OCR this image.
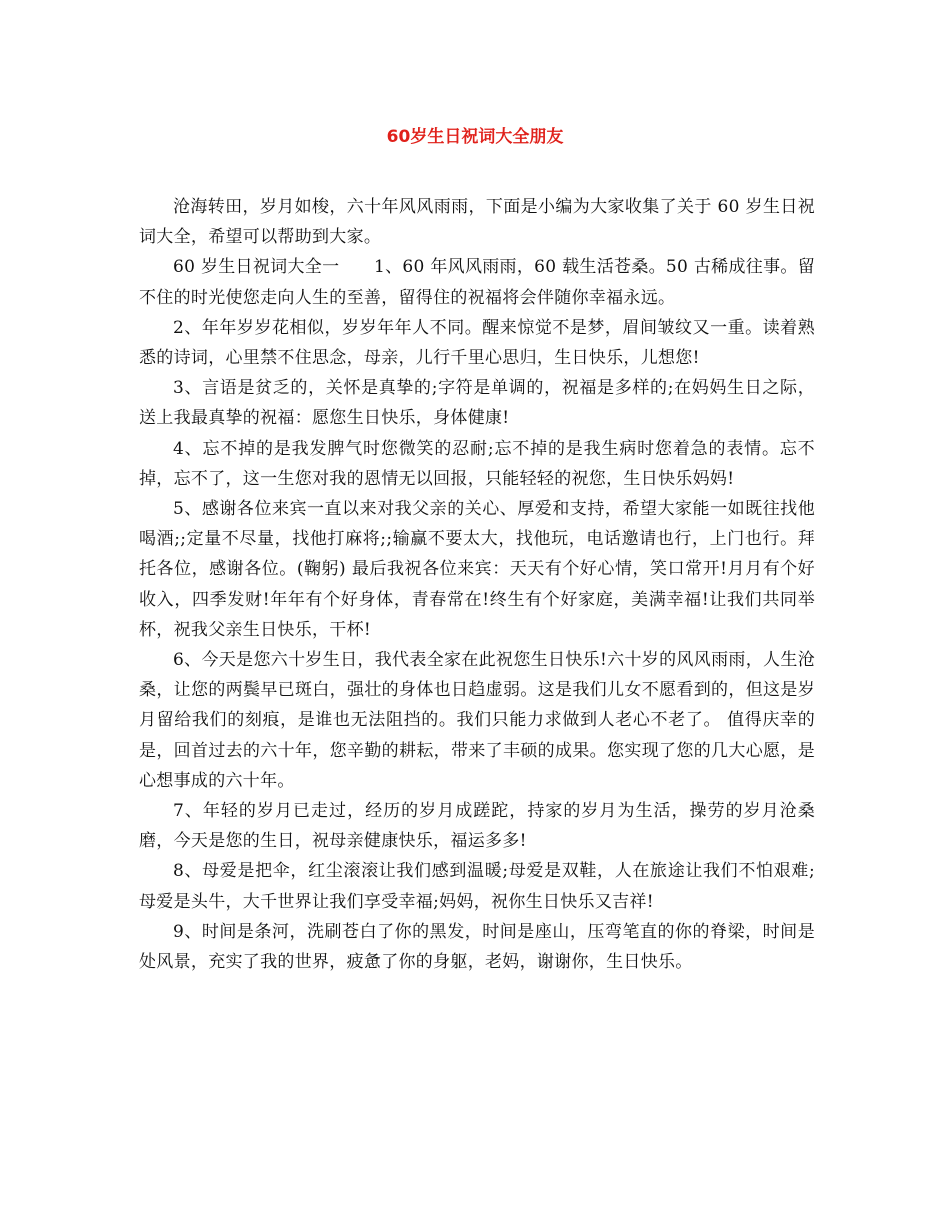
60岁生日祝词大全朋友

沧海转田，岁月如梭，六十年风风雨雨，下面是小编为大家收集了关于 60 岁生日祝词大全，希望可以帮助到大家。

60 岁生日祝词大全一　　1、60 年风风雨雨，60 载生活苍桑。50 古稀成往事。留不住的时光使您走向人生的至善，留得住的祝福将会伴随你幸福永远。

2、年年岁岁花相似，岁岁年年人不同。醒来惊觉不是梦，眉间皱纹又一重。读着熟悉的诗词，心里禁不住思念，母亲，儿行千里心思归，生日快乐，儿想您!

3、言语是贫乏的，关怀是真挚的;字符是单调的，祝福是多样的;在妈妈生日之际，送上我最真挚的祝福：愿您生日快乐，身体健康!

4、忘不掉的是我发脾气时您微笑的忍耐;忘不掉的是我生病时您着急的表情。忘不掉，忘不了，这一生您对我的恩情无以回报，只能轻轻的祝您，生日快乐妈妈!

5、感谢各位来宾一直以来对我父亲的关心、厚爱和支持，希望大家能一如既往找他喝酒;;定量不尽量，找他打麻将;;输赢不要太大，找他玩，电话邀请也行，上门也行。拜托各位，感谢各位。(鞠躬) 最后我祝各位来宾：天天有个好心情，笑口常开!月月有个好收入，四季发财!年年有个好身体，青春常在!终生有个好家庭，美满幸福!让我们共同举杯，祝我父亲生日快乐，干杯!

6、今天是您六十岁生日，我代表全家在此祝您生日快乐!六十岁的风风雨雨，人生沧桑，让您的两鬓早已斑白，强壮的身体也日趋虚弱。这是我们儿女不愿看到的，但这是岁月留给我们的刻痕，是谁也无法阻挡的。我们只能力求做到人老心不老了。 值得庆幸的是，回首过去的六十年，您辛勤的耕耘，带来了丰硕的成果。您实现了您的几大心愿，是心想事成的六十年。

7、年轻的岁月已走过，经历的岁月成蹉跎，持家的岁月为生活，操劳的岁月沧桑磨，今天是您的生日，祝母亲健康快乐，福运多多!

8、母爱是把伞，红尘滚滚让我们感到温暖;母爱是双鞋，人在旅途让我们不怕艰难;母爱是头牛，大千世界让我们享受幸福;妈妈，祝你生日快乐又吉祥!

9、时间是条河，洗刷苍白了你的黑发，时间是座山，压弯笔直的你的脊梁，时间是处风景，充实了我的世界，疲惫了你的身躯，老妈，谢谢你，生日快乐。
